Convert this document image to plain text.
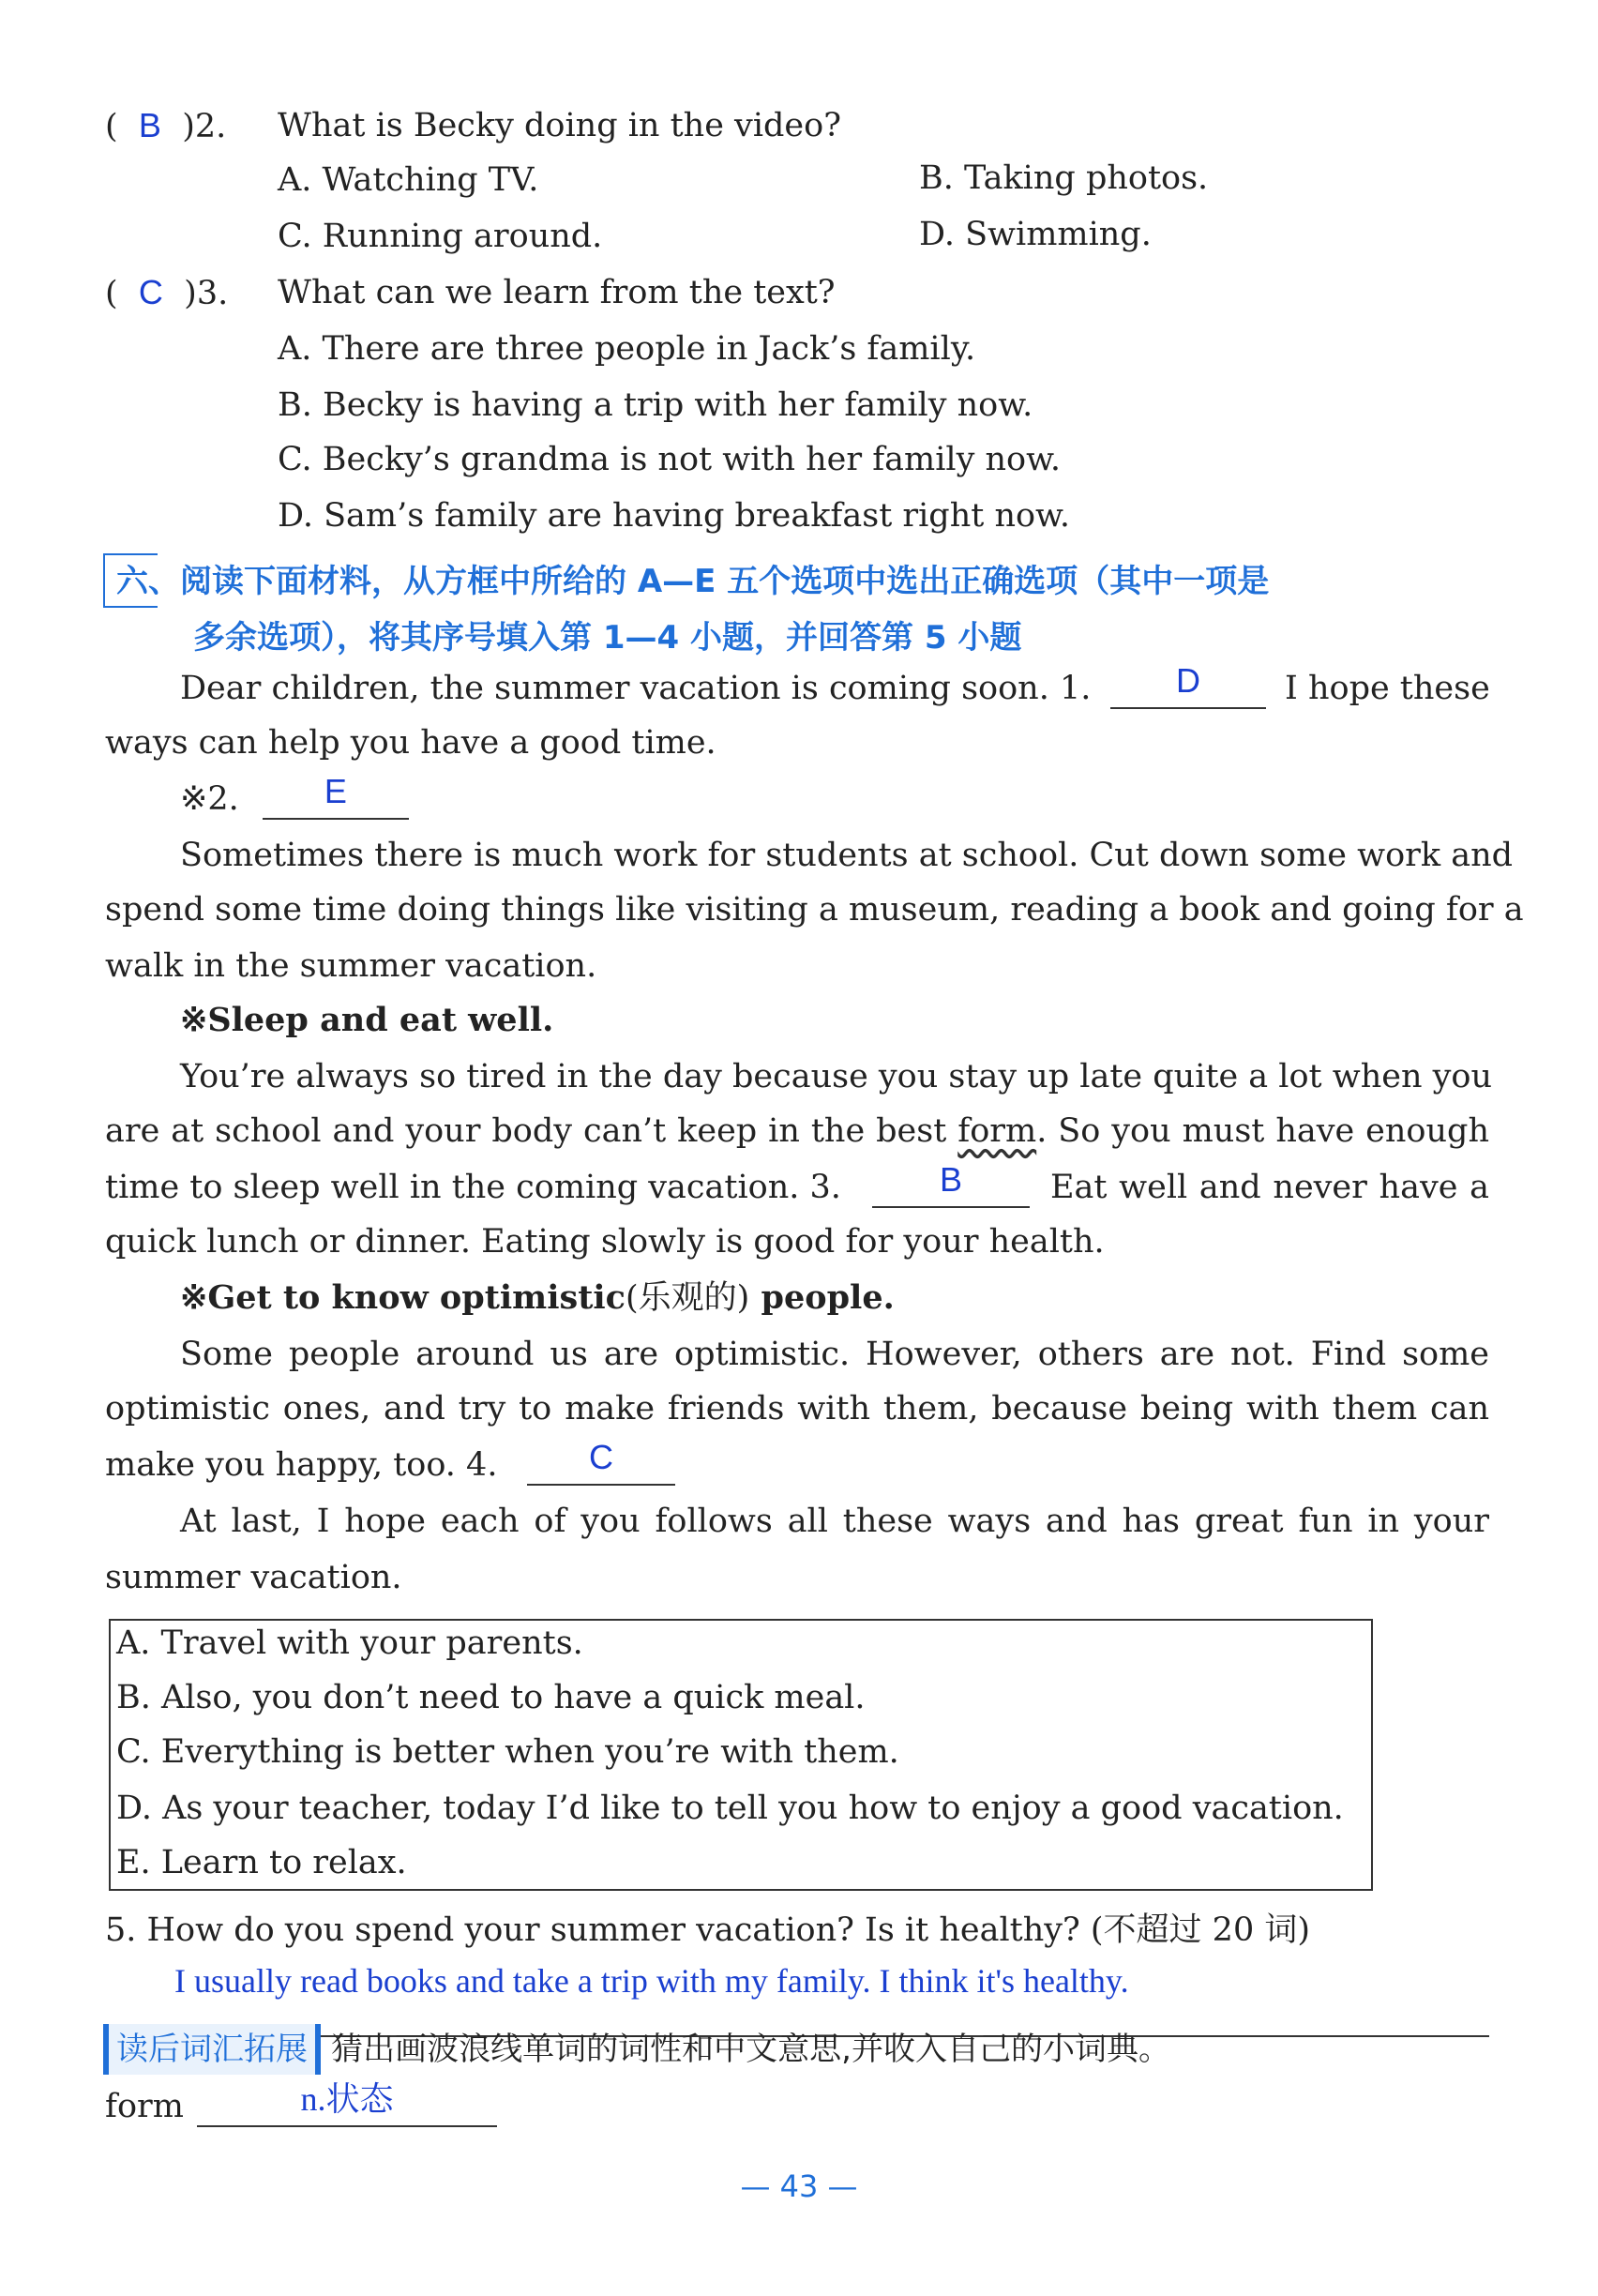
(  B )2. What is Becky doing in the video?
A. Watching TV.	B. Taking photos.
C. Running around.	D. Swimming.
(  C )3. What can we learn from the text?
A. There are three people in Jack’s family.
B. Becky is having a trip with her family now.
C. Becky’s grandma is not with her family now.
D. Sam’s family are having breakfast right now.
六、阅读下面材料，从方框中所给的 A—E 五个选项中选出正确选项（其中一项是
多余选项），将其序号填入第 1—4 小题，并回答第 5 小题
Dear children, the summer vacation is coming soon. 1.	D	I hope these
ways can help you have a good time.
※2.	E
Sometimes there is much work for students at school. Cut down some work and
spend some time doing things like visiting a museum, reading a book and going for a
walk in the summer vacation.
※Sleep and eat well.
You’re always so tired in the day because you stay up late quite a lot when you
are at school and your body can’t keep in the best form. So you must have enough
time to sleep well in the coming vacation. 3.	B	Eat well and never have a
quick lunch or dinner. Eating slowly is good for your health.
※Get to know optimistic(乐观的) people.
Some people around us are optimistic. However, others are not. Find some
optimistic ones, and try to make friends with them, because being with them can
make you happy, too. 4.	C
At last, I hope each of you follows all these ways and has great fun in your
summer vacation.
A. Travel with your parents.
B. Also, you don’t need to have a quick meal.
C. Everything is better when you’re with them.
D. As your teacher, today I’d like to tell you how to enjoy a good vacation.
E. Learn to relax.
5. How do you spend your summer vacation? Is it healthy? (不超过 20 词)
I usually read books and take a trip with my family. I think it's healthy.
读后词汇拓展 猜出画波浪线单词的词性和中文意思,并收入自己的小词典。
form	n.状态
— 43 —
